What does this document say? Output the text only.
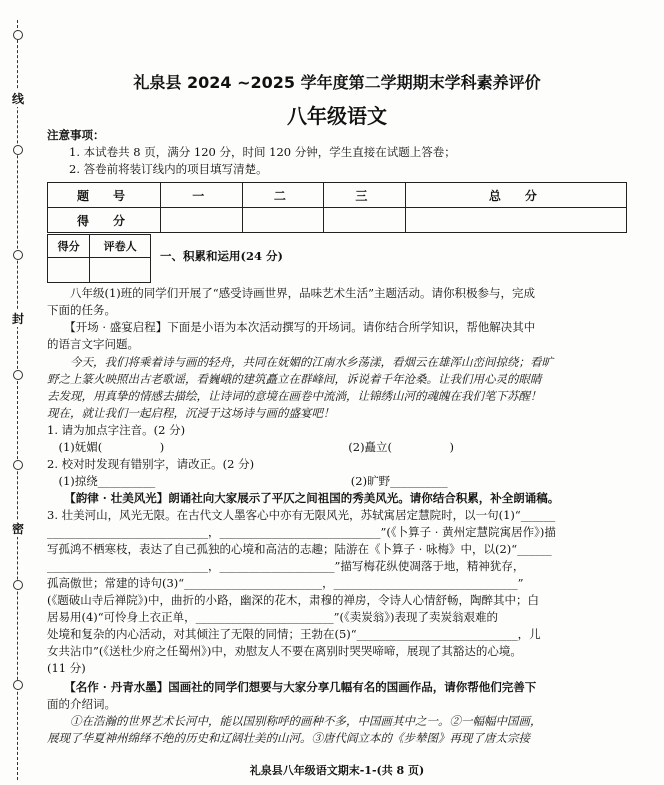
线
封
密
礼泉县 2024 ~2025 学年度第二学期期末学科素养评价
八年级语文
注意事项：
1. 本试卷共 8 页，满分 120 分，时间 120 分钟，学生直接在试题上答卷；
2. 答卷前将装订线内的项目填写清楚。
题　号	一	二	三	总　分
得　分				
得分	评卷人

一、积累和运用(24 分)
　　八年级(1)班的同学们开展了“感受诗画世界，品味艺术生活”主题活动。请你积极参与，完成
下面的任务。
　　【开场 · 盛宴启程】下面是小语为本次活动撰写的开场词。请你结合所学知识，帮他解决其中
的语言文字问题。
　　今天，我们将乘着诗与画的轻舟，共同在妩媚的江南水乡荡漾，看烟云在雄浑山峦间掠绕；看旷
野之上篆火映照出古老歌谣，看巍峨的建筑矗立在群峰间，诉说着千年沧桑。让我们用心灵的眼睛
去发现，用真挚的情感去描绘，让诗词的意境在画卷中流淌，让锦绣山河的魂魄在我们笔下苏醒！
现在，就让我们一起启程，沉浸于这场诗与画的盛宴吧！
1. 请为加点字注音。(2 分)
　(1)妩媚(　　　　　)　　　　　　　　　　　　　　　　(2)矗立(　　　　　)
2. 校对时发现有错别字，请改正。(2 分)
　(1)掠绕__________　　　　　　　　　　　　　　　　　(2)旷野__________
　　【韵律 · 壮美风光】朗诵社向大家展示了平仄之间祖国的秀美风光。请你结合积累，补全朗诵稿。
3. 壮美河山，风光无限。在古代文人墨客心中亦有无限风光，苏轼寓居定慧院时，以一句(1)“______
____________________________，____________________________”(《卜算子 · 黄州定慧院寓居作》)描
写孤鸿不栖寒枝，表达了自己孤独的心境和高洁的志趣；陆游在《卜算子 · 咏梅》中，以(2)“______
____________________________，____________________”描写梅花纵使凋落于地，精神犹存，
孤高傲世；常建的诗句(3)“________________________，________________________________”
(《题破山寺后禅院》)中，曲折的小路，幽深的花木，肃穆的禅房，令诗人心情舒畅，陶醉其中；白
居易用(4)“可怜身上衣正单，________________________”(《卖炭翁》)表现了卖炭翁艰难的
处境和复杂的内心活动，对其倾注了无限的同情；王勃在(5)“____________________________，儿
女共沾巾”(《送杜少府之任蜀州》)中，劝慰友人不要在离别时哭哭啼啼，展现了其豁达的心境。
(11 分)
　　【名作 · 丹青水墨】国画社的同学们想要与大家分享几幅有名的国画作品，请你帮他们完善下
面的介绍词。
　　①在浩瀚的世界艺术长河中，能以国别称呼的画种不多，中国画其中之一。②一幅幅中国画，
展现了华夏神州绵绎不绝的历史和辽阔壮美的山河。③唐代阎立本的《步辇图》再现了唐太宗接
礼泉县八年级语文期末-1-(共 8 页)
